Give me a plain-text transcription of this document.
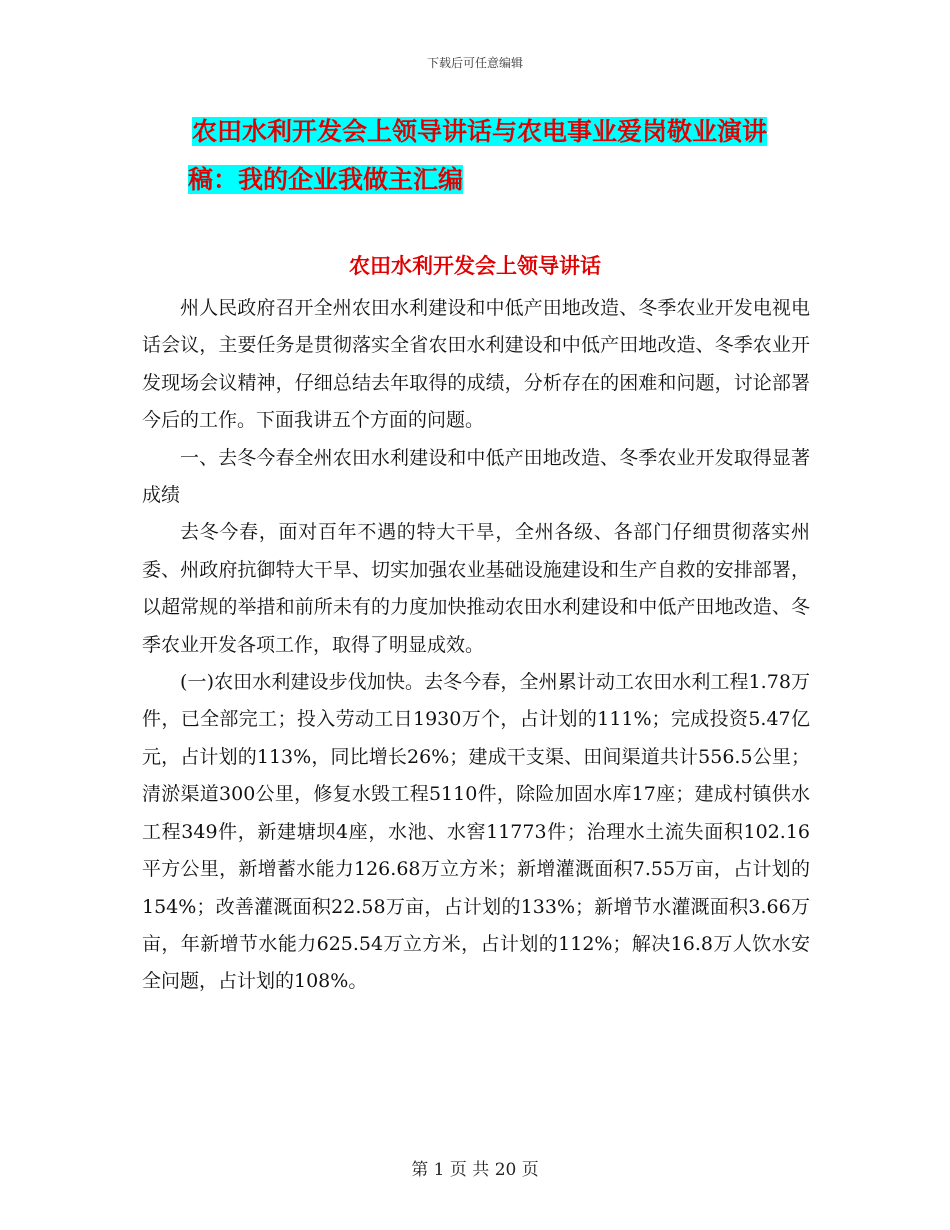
下载后可任意编辑
农田水利开发会上领导讲话与农电事业爱岗敬业演讲
稿：我的企业我做主汇编
农田水利开发会上领导讲话

州人民政府召开全州农田水利建设和中低产田地改造、冬季农业开发电视电话会议，主要任务是贯彻落实全省农田水利建设和中低产田地改造、冬季农业开发现场会议精神，仔细总结去年取得的成绩，分析存在的困难和问题，讨论部署今后的工作。下面我讲五个方面的问题。

一、去冬今春全州农田水利建设和中低产田地改造、冬季农业开发取得显著成绩

去冬今春，面对百年不遇的特大干旱，全州各级、各部门仔细贯彻落实州委、州政府抗御特大干旱、切实加强农业基础设施建设和生产自救的安排部署，以超常规的举措和前所未有的力度加快推动农田水利建设和中低产田地改造、冬季农业开发各项工作，取得了明显成效。

(一)农田水利建设步伐加快。去冬今春，全州累计动工农田水利工程1.78万件，已全部完工；投入劳动工日1930万个，占计划的111%；完成投资5.47亿元，占计划的113%，同比增长26%；建成干支渠、田间渠道共计556.5公里；清淤渠道300公里，修复水毁工程5110件，除险加固水库17座；建成村镇供水工程349件，新建塘坝4座，水池、水窖11773件；治理水土流失面积102.16平方公里，新增蓄水能力126.68万立方米；新增灌溉面积7.55万亩，占计划的154%；改善灌溉面积22.58万亩，占计划的133%；新增节水灌溉面积3.66万亩，年新增节水能力625.54万立方米，占计划的112%；解决16.8万人饮水安全问题，占计划的108%。

第 1 页 共 20 页
